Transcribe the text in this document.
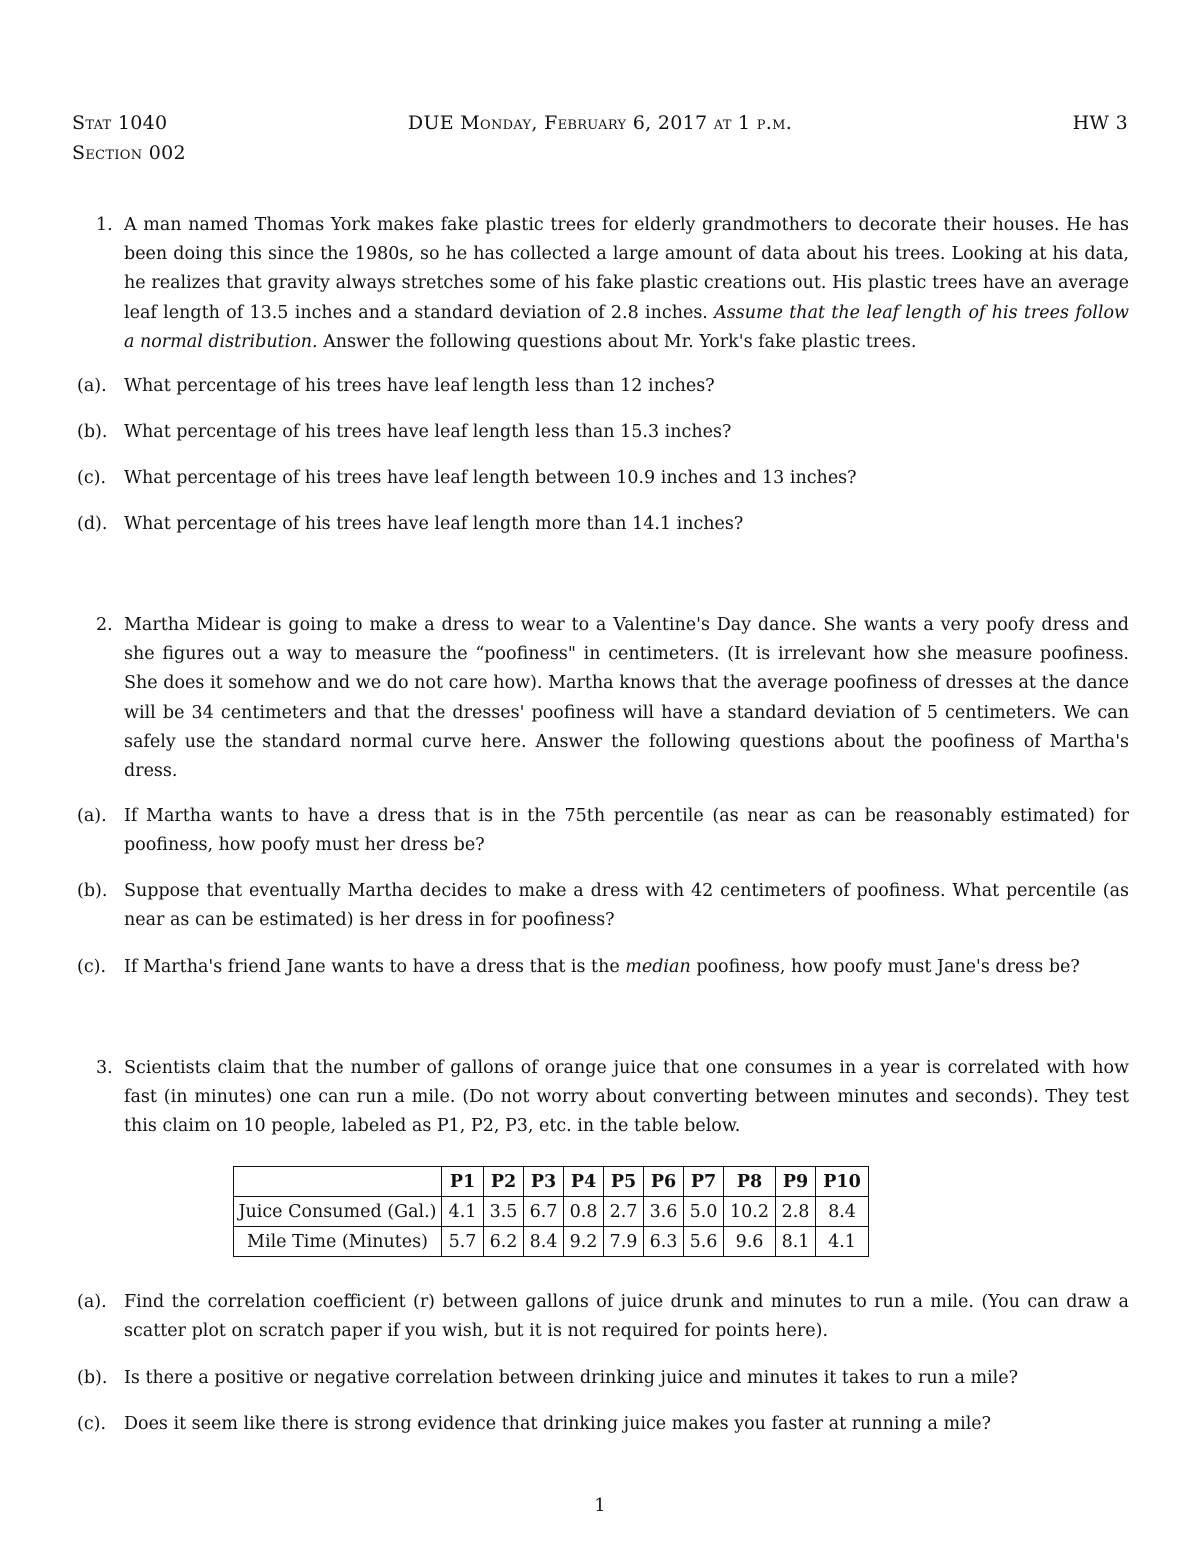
Stat 1040
Section 002
DUE Monday, February 6, 2017 at 1 p.m.	HW 3
1. A man named Thomas York makes fake plastic trees for elderly grandmothers to decorate their houses. He has been doing this since the 1980s, so he has collected a large amount of data about his trees. Looking at his data, he realizes that gravity always stretches some of his fake plastic creations out. His plastic trees have an average leaf length of 13.5 inches and a standard deviation of 2.8 inches. Assume that the leaf length of his trees follow a normal distribution. Answer the following questions about Mr. York's fake plastic trees.
(a). What percentage of his trees have leaf length less than 12 inches?
(b). What percentage of his trees have leaf length less than 15.3 inches?
(c). What percentage of his trees have leaf length between 10.9 inches and 13 inches?
(d). What percentage of his trees have leaf length more than 14.1 inches?
2. Martha Midear is going to make a dress to wear to a Valentine's Day dance. She wants a very poofy dress and she figures out a way to measure the “poofiness" in centimeters. (It is irrelevant how she measure poofiness. She does it somehow and we do not care how). Martha knows that the average poofiness of dresses at the dance will be 34 centimeters and that the dresses' poofiness will have a standard deviation of 5 centimeters. We can safely use the standard normal curve here. Answer the following questions about the poofiness of Martha's dress.
(a). If Martha wants to have a dress that is in the 75th percentile (as near as can be reasonably estimated) for poofiness, how poofy must her dress be?
(b). Suppose that eventually Martha decides to make a dress with 42 centimeters of poofiness. What percentile (as near as can be estimated) is her dress in for poofiness?
(c). If Martha's friend Jane wants to have a dress that is the median poofiness, how poofy must Jane's dress be?
3. Scientists claim that the number of gallons of orange juice that one consumes in a year is correlated with how fast (in minutes) one can run a mile. (Do not worry about converting between minutes and seconds). They test this claim on 10 people, labeled as P1, P2, P3, etc. in the table below.
	P1	P2	P3	P4	P5	P6	P7	P8	P9	P10
Juice Consumed (Gal.)	4.1	3.5	6.7	0.8	2.7	3.6	5.0	10.2	2.8	8.4
Mile Time (Minutes)	5.7	6.2	8.4	9.2	7.9	6.3	5.6	9.6	8.1	4.1
(a). Find the correlation coefficient (r) between gallons of juice drunk and minutes to run a mile. (You can draw a scatter plot on scratch paper if you wish, but it is not required for points here).
(b). Is there a positive or negative correlation between drinking juice and minutes it takes to run a mile?
(c). Does it seem like there is strong evidence that drinking juice makes you faster at running a mile?
1
